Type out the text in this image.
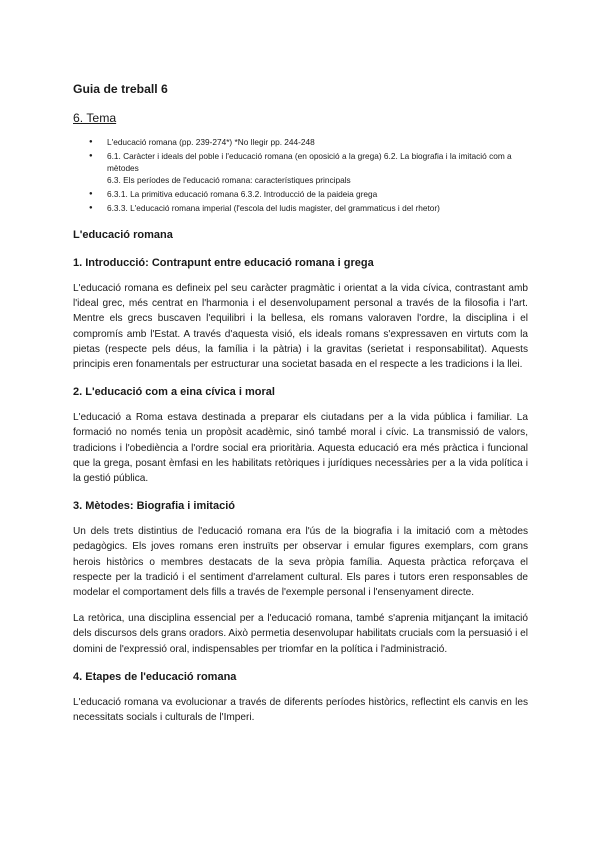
Guia de treball 6
6. Tema
● L'educació romana (pp. 239-274*) *No llegir pp. 244-248
● 6.1. Caràcter i ideals del poble i l'educació romana (en oposició a la grega) 6.2. La biografia i la imitació com a mètodes
6.3. Els períodes de l'educació romana: característiques principals
● 6.3.1. La primitiva educació romana 6.3.2. Introducció de la paideia grega
● 6.3.3. L'educació romana imperial (l'escola del ludis magister, del grammaticus i del rhetor)
L'educació romana
1. Introducció: Contrapunt entre educació romana i grega

L'educació romana es defineix pel seu caràcter pragmàtic i orientat a la vida cívica, contrastant amb l'ideal grec, més centrat en l'harmonia i el desenvolupament personal a través de la filosofia i l'art. Mentre els grecs buscaven l'equilibri i la bellesa, els romans valoraven l'ordre, la disciplina i el compromís amb l'Estat. A través d'aquesta visió, els ideals romans s'expressaven en virtuts com la pietas (respecte pels déus, la família i la pàtria) i la gravitas (serietat i responsabilitat). Aquests principis eren fonamentals per estructurar una societat basada en el respecte a les tradicions i la llei.

2. L'educació com a eina cívica i moral

L'educació a Roma estava destinada a preparar els ciutadans per a la vida pública i familiar. La formació no només tenia un propòsit acadèmic, sinó també moral i cívic. La transmissió de valors, tradicions i l'obediència a l'ordre social era prioritària. Aquesta educació era més pràctica i funcional que la grega, posant èmfasi en les habilitats retòriques i jurídiques necessàries per a la vida política i la gestió pública.

3. Mètodes: Biografia i imitació

Un dels trets distintius de l'educació romana era l'ús de la biografia i la imitació com a mètodes pedagògics. Els joves romans eren instruïts per observar i emular figures exemplars, com grans herois històrics o membres destacats de la seva pròpia família. Aquesta pràctica reforçava el respecte per la tradició i el sentiment d'arrelament cultural. Els pares i tutors eren responsables de modelar el comportament dels fills a través de l'exemple personal i l'ensenyament directe.

La retòrica, una disciplina essencial per a l'educació romana, també s'aprenia mitjançant la imitació dels discursos dels grans oradors. Això permetia desenvolupar habilitats crucials com la persuasió i el domini de l'expressió oral, indispensables per triomfar en la política i l'administració.

4. Etapes de l'educació romana

L'educació romana va evolucionar a través de diferents períodes històrics, reflectint els canvis en les necessitats socials i culturals de l'Imperi.
